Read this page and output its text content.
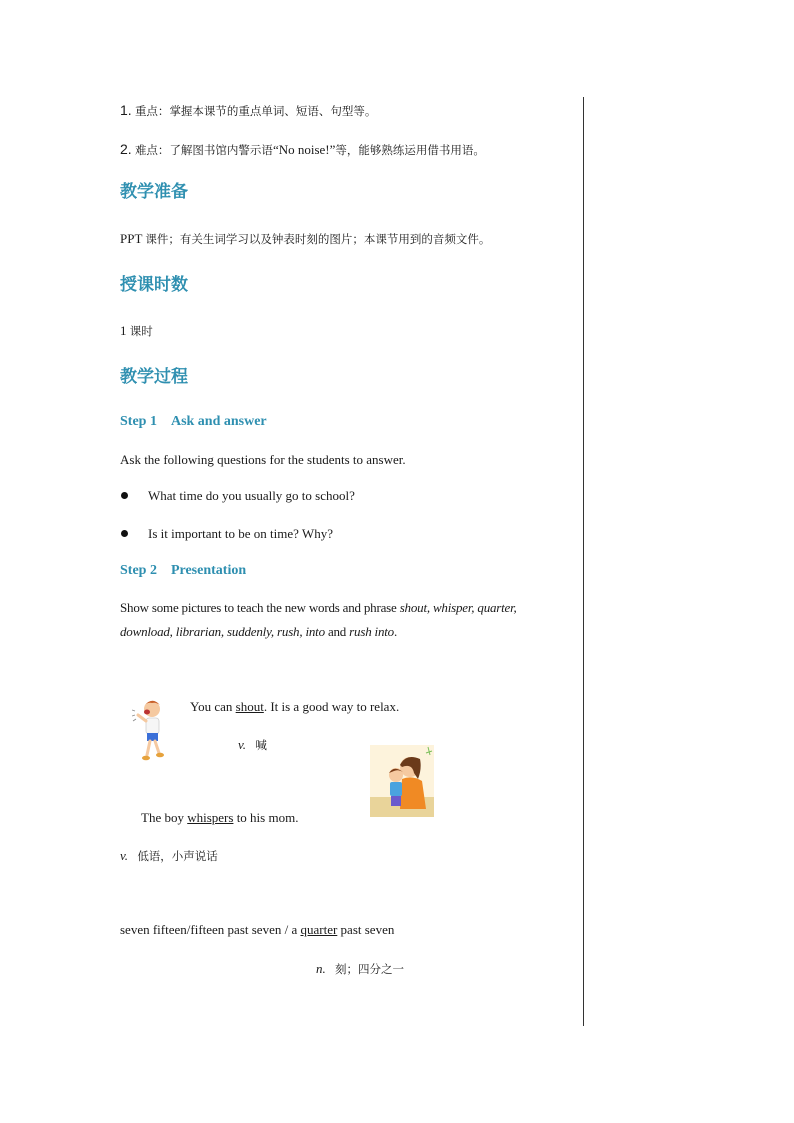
1. 重点：掌握本课节的重点单词、短语、句型等。
2. 难点：了解图书馆内警示语“No noise!”等，能够熟练运用借书用语。
教学准备
PPT 课件；有关生词学习以及钟表时刻的图片；本课节用到的音频文件。
授课时数
1 课时
教学过程
Step 1 Ask and answer
Ask the following questions for the students to answer.
What time do you usually go to school?
Is it important to be on time? Why?
Step 2 Presentation
Show some pictures to teach the new words and phrase shout, whisper, quarter,
download, librarian, suddenly, rush, into and rush into.
You can shout. It is a good way to relax.
v. 喊
The boy whispers to his mom.
v. 低语，小声说话
seven fifteen/fifteen past seven / a quarter past seven
n. 刻；四分之一
